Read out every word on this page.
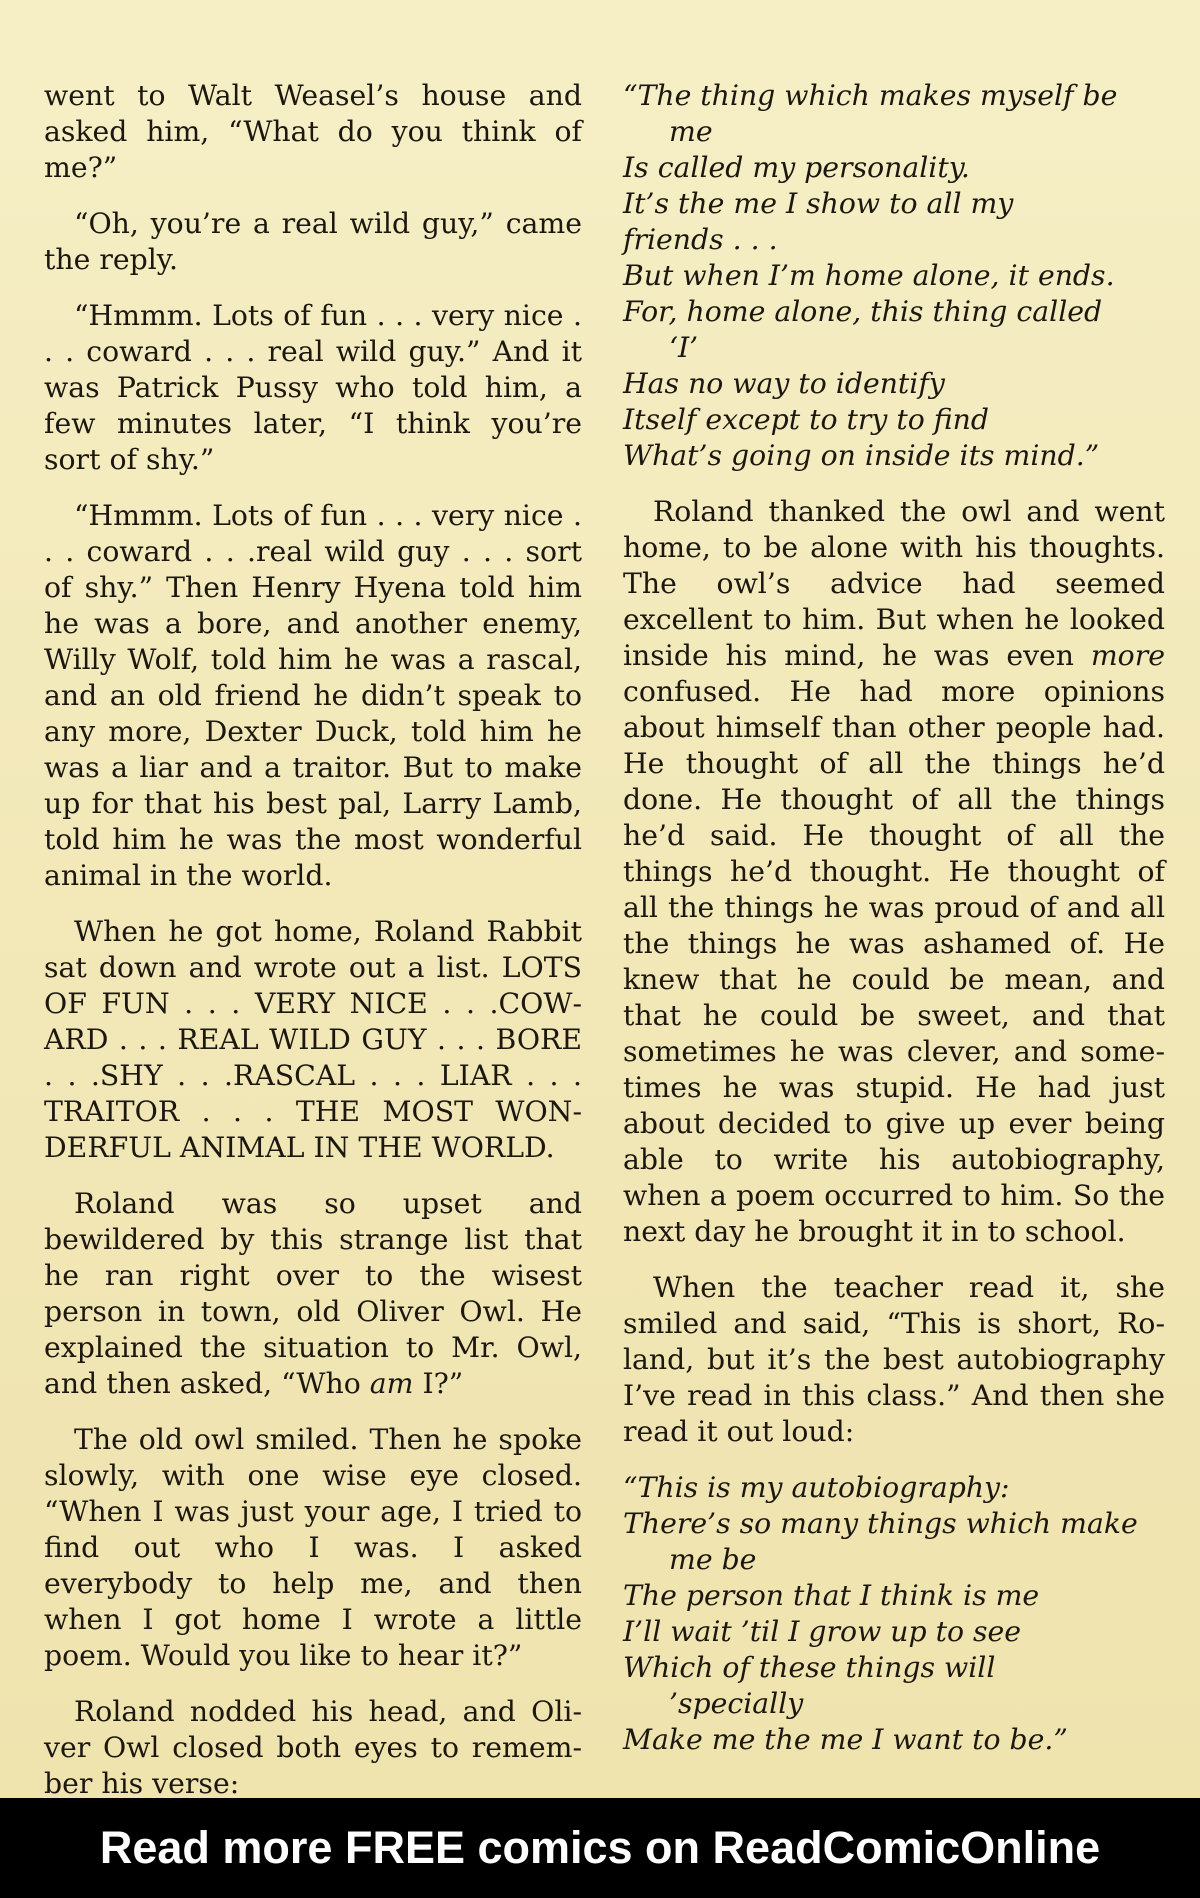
went to Walt Weasel’s house and asked him, “What do you think of me?”

“Oh, you’re a real wild guy,” came the reply.

“Hmmm. Lots of fun . . . very nice . . . coward . . . real wild guy.” And it was Patrick Pussy who told him, a few minutes later, “I think you’re sort of shy.”

“Hmmm. Lots of fun . . . very nice . . . coward . . .real wild guy . . . sort of shy.” Then Henry Hyena told him he was a bore, and another enemy, Willy Wolf, told him he was a rascal, and an old friend he didn’t speak to any more, Dexter Duck, told him he was a liar and a traitor. But to make up for that his best pal, Larry Lamb, told him he was the most wonderful animal in the world.

When he got home, Roland Rabbit sat down and wrote out a list. LOTS OF FUN . . . VERY NICE . . .COWARD . . . REAL WILD GUY . . . BORE . . .SHY . . .RASCAL . . . LIAR . . . TRAITOR . . . THE MOST WONDERFUL ANIMAL IN THE WORLD.

Roland was so upset and bewildered by this strange list that he ran right over to the wisest person in town, old Oliver Owl. He explained the situation to Mr. Owl, and then asked, “Who am I?”

The old owl smiled. Then he spoke slowly, with one wise eye closed. “When I was just your age, I tried to find out who I was. I asked everybody to help me, and then when I got home I wrote a little poem. Would you like to hear it?”

Roland nodded his head, and Oliver Owl closed both eyes to remember his verse:

“The thing which makes myself be
me
Is called my personality.
It’s the me I show to all my
friends . . .
But when I’m home alone, it ends.
For, home alone, this thing called
‘I’
Has no way to identify
Itself except to try to find
What’s going on inside its mind.”

Roland thanked the owl and went home, to be alone with his thoughts. The owl’s advice had seemed excellent to him. But when he looked inside his mind, he was even more confused. He had more opinions about himself than other people had. He thought of all the things he’d done. He thought of all the things he’d said. He thought of all the things he’d thought. He thought of all the things he was proud of and all the things he was ashamed of. He knew that he could be mean, and that he could be sweet, and that sometimes he was clever, and sometimes he was stupid. He had just about decided to give up ever being able to write his autobiography, when a poem occurred to him. So the next day he brought it in to school.

When the teacher read it, she smiled and said, “This is short, Roland, but it’s the best autobiography I’ve read in this class.” And then she read it out loud:

“This is my autobiography:
There’s so many things which make
me be
The person that I think is me
I’ll wait ’til I grow up to see
Which of these things will
’specially
Make me the me I want to be.”
Read more FREE comics on ReadComicOnline
